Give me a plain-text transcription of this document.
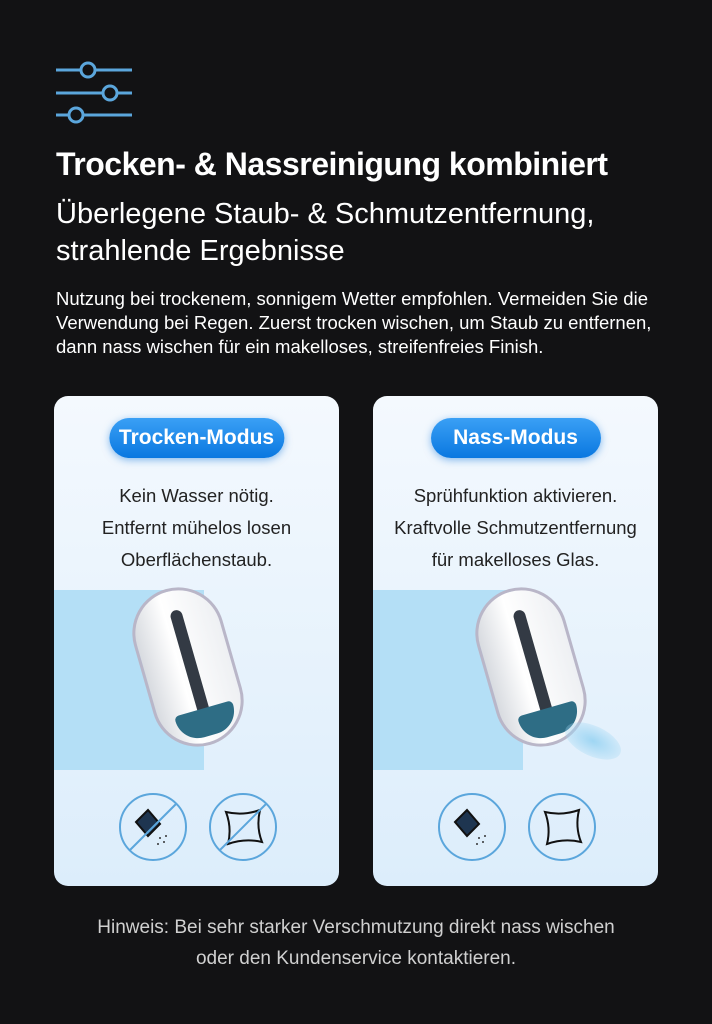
Trocken- & Nassreinigung kombiniert
Überlegene Staub- & Schmutzentfernung, strahlende Ergebnisse
Nutzung bei trockenem, sonnigem Wetter empfohlen. Vermeiden Sie die Verwendung bei Regen. Zuerst trocken wischen, um Staub zu entfernen, dann nass wischen für ein makelloses, streifenfreies Finish.
Trocken-Modus
Kein Wasser nötig.
Entfernt mühelos losen
Oberflächenstaub.
Nass-Modus
Sprühfunktion aktivieren.
Kraftvolle Schmutzentfernung
für makelloses Glas.
Hinweis: Bei sehr starker Verschmutzung direkt nass wischen
oder den Kundenservice kontaktieren.
